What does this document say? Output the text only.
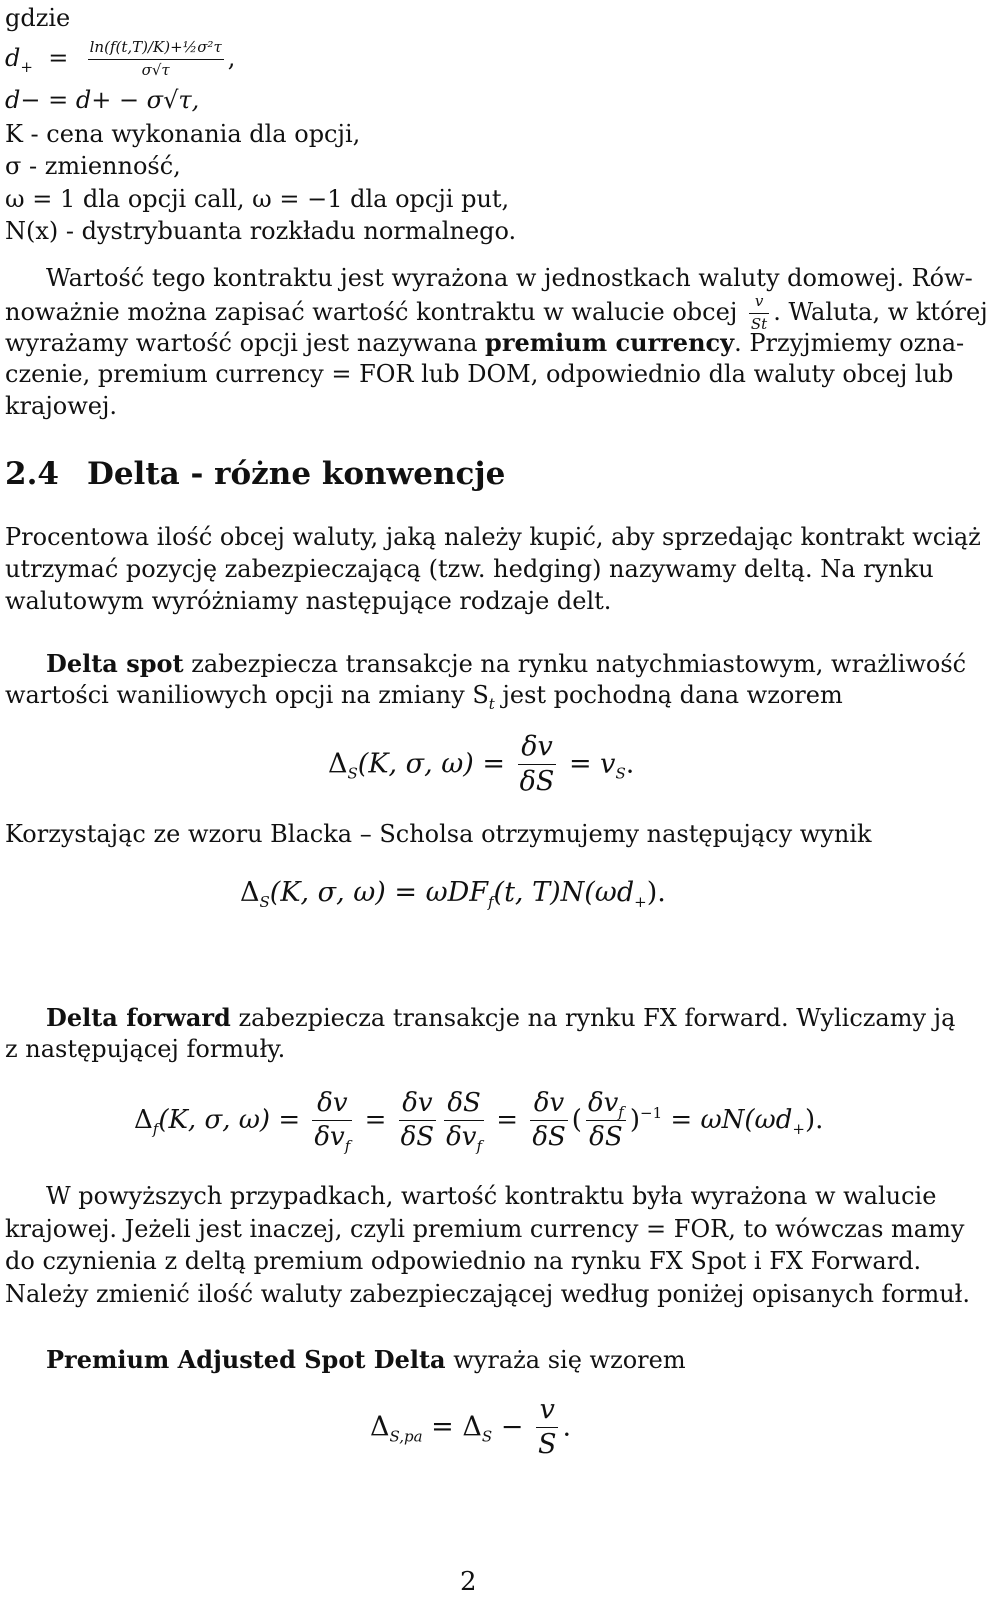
gdzie
$d_+ = \frac{\text{ln(f(t,T)/K)+½σ²τ}}{\sigma√\tau}$ ,
d− = d+ − σ√τ,
K - cena wykonania dla opcji,
σ - zmienność,
ω = 1 dla opcji call, ω = −1 dla opcji put,
N(x) - dystrybuanta rozkładu normalnego.
Wartość tego kontraktu jest wyrażona w jednostkach waluty domowej. Rów-
noważnie można zapisać wartość kontraktu w walucie obcej $\frac{v}{St}$ . Waluta, w której
wyrażamy wartość opcji jest nazywana premium currency. Przyjmiemy ozna-
czenie, premium currency = FOR lub DOM, odpowiednio dla waluty obcej lub
krajowej.
2.4 Delta - różne konwencje
Procentowa ilość obcej waluty, jaką należy kupić, aby sprzedając kontrakt wciąż
utrzymać pozycję zabezpieczającą (tzw. hedging) nazywamy deltą. Na rynku
walutowym wyróżniamy następujące rodzaje delt.
Delta spot zabezpiecza transakcje na rynku natychmiastowym, wrażliwość
wartości waniliowych opcji na zmiany $S_t$ jest pochodną dana wzorem
$\Delta_S(K$, σ, $\omega) = \frac{\delta v}{\delta S} = v_S$.
Korzystając ze wzoru Blacka – Scholsa otrzymujemy następujący wynik
$\Delta_S(K$, σ, ω) = ωDF$_f$(t, $T)N(\omega d_+)$.
Delta forward zabezpiecza transakcje na rynku FX forward. Wyliczamy ją
z następującej formuły.
$\Delta_f(K$, σ, $\omega) = \frac{\delta v}{\delta v_f} = \frac{\delta v}{\delta S} \frac{\delta S}{\delta v_f} = \frac{\delta v}{\delta S}$ ( $\frac{\delta v_f}{\delta S} )^{-1} = \omega N(\omega d_+)$.
W powyższych przypadkach, wartość kontraktu była wyrażona w walucie
krajowej. Jeżeli jest inaczej, czyli premium currency = FOR, to wówczas mamy
do czynienia z deltą premium odpowiednio na rynku FX Spot i FX Forward.
Należy zmienić ilość waluty zabezpieczającej według poniżej opisanych formuł.
Premium Adjusted Spot Delta wyraża się wzorem
$\Delta_{S,pa} = \Delta_S - \frac{v}{S}$ .
2
